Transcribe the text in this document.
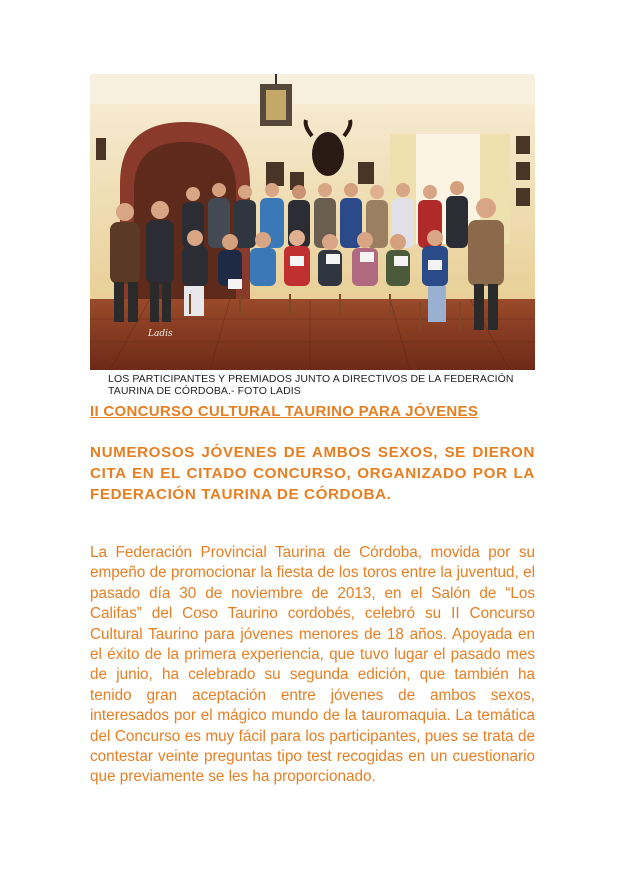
Ladis
LOS PARTICIPANTES Y PREMIADOS JUNTO A DIRECTIVOS DE LA FEDERACIÓN TAURINA DE CÓRDOBA.- FOTO LADIS
II CONCURSO CULTURAL TAURINO PARA JÓVENES
NUMEROSOS JÓVENES DE AMBOS SEXOS, SE DIERON CITA EN EL CITADO CONCURSO, ORGANIZADO POR LA FEDERACIÓN TAURINA DE CÓRDOBA.
La Federación Provincial Taurina de Córdoba, movida por su empeño de promocionar la fiesta de los toros entre la juventud, el pasado día 30 de noviembre de 2013, en el Salón de “Los Califas” del Coso Taurino cordobés, celebró su II Concurso Cultural Taurino para jóvenes menores de 18 años. Apoyada en el éxito de la primera experiencia, que tuvo lugar el pasado mes de junio, ha celebrado su segunda edición, que también ha tenido gran aceptación entre jóvenes de ambos sexos, interesados por el mágico mundo de la tauromaquia. La temática del Concurso es muy fácil para los participantes, pues se trata de contestar veinte preguntas tipo test recogidas en un cuestionario que previamente se les ha proporcionado.
